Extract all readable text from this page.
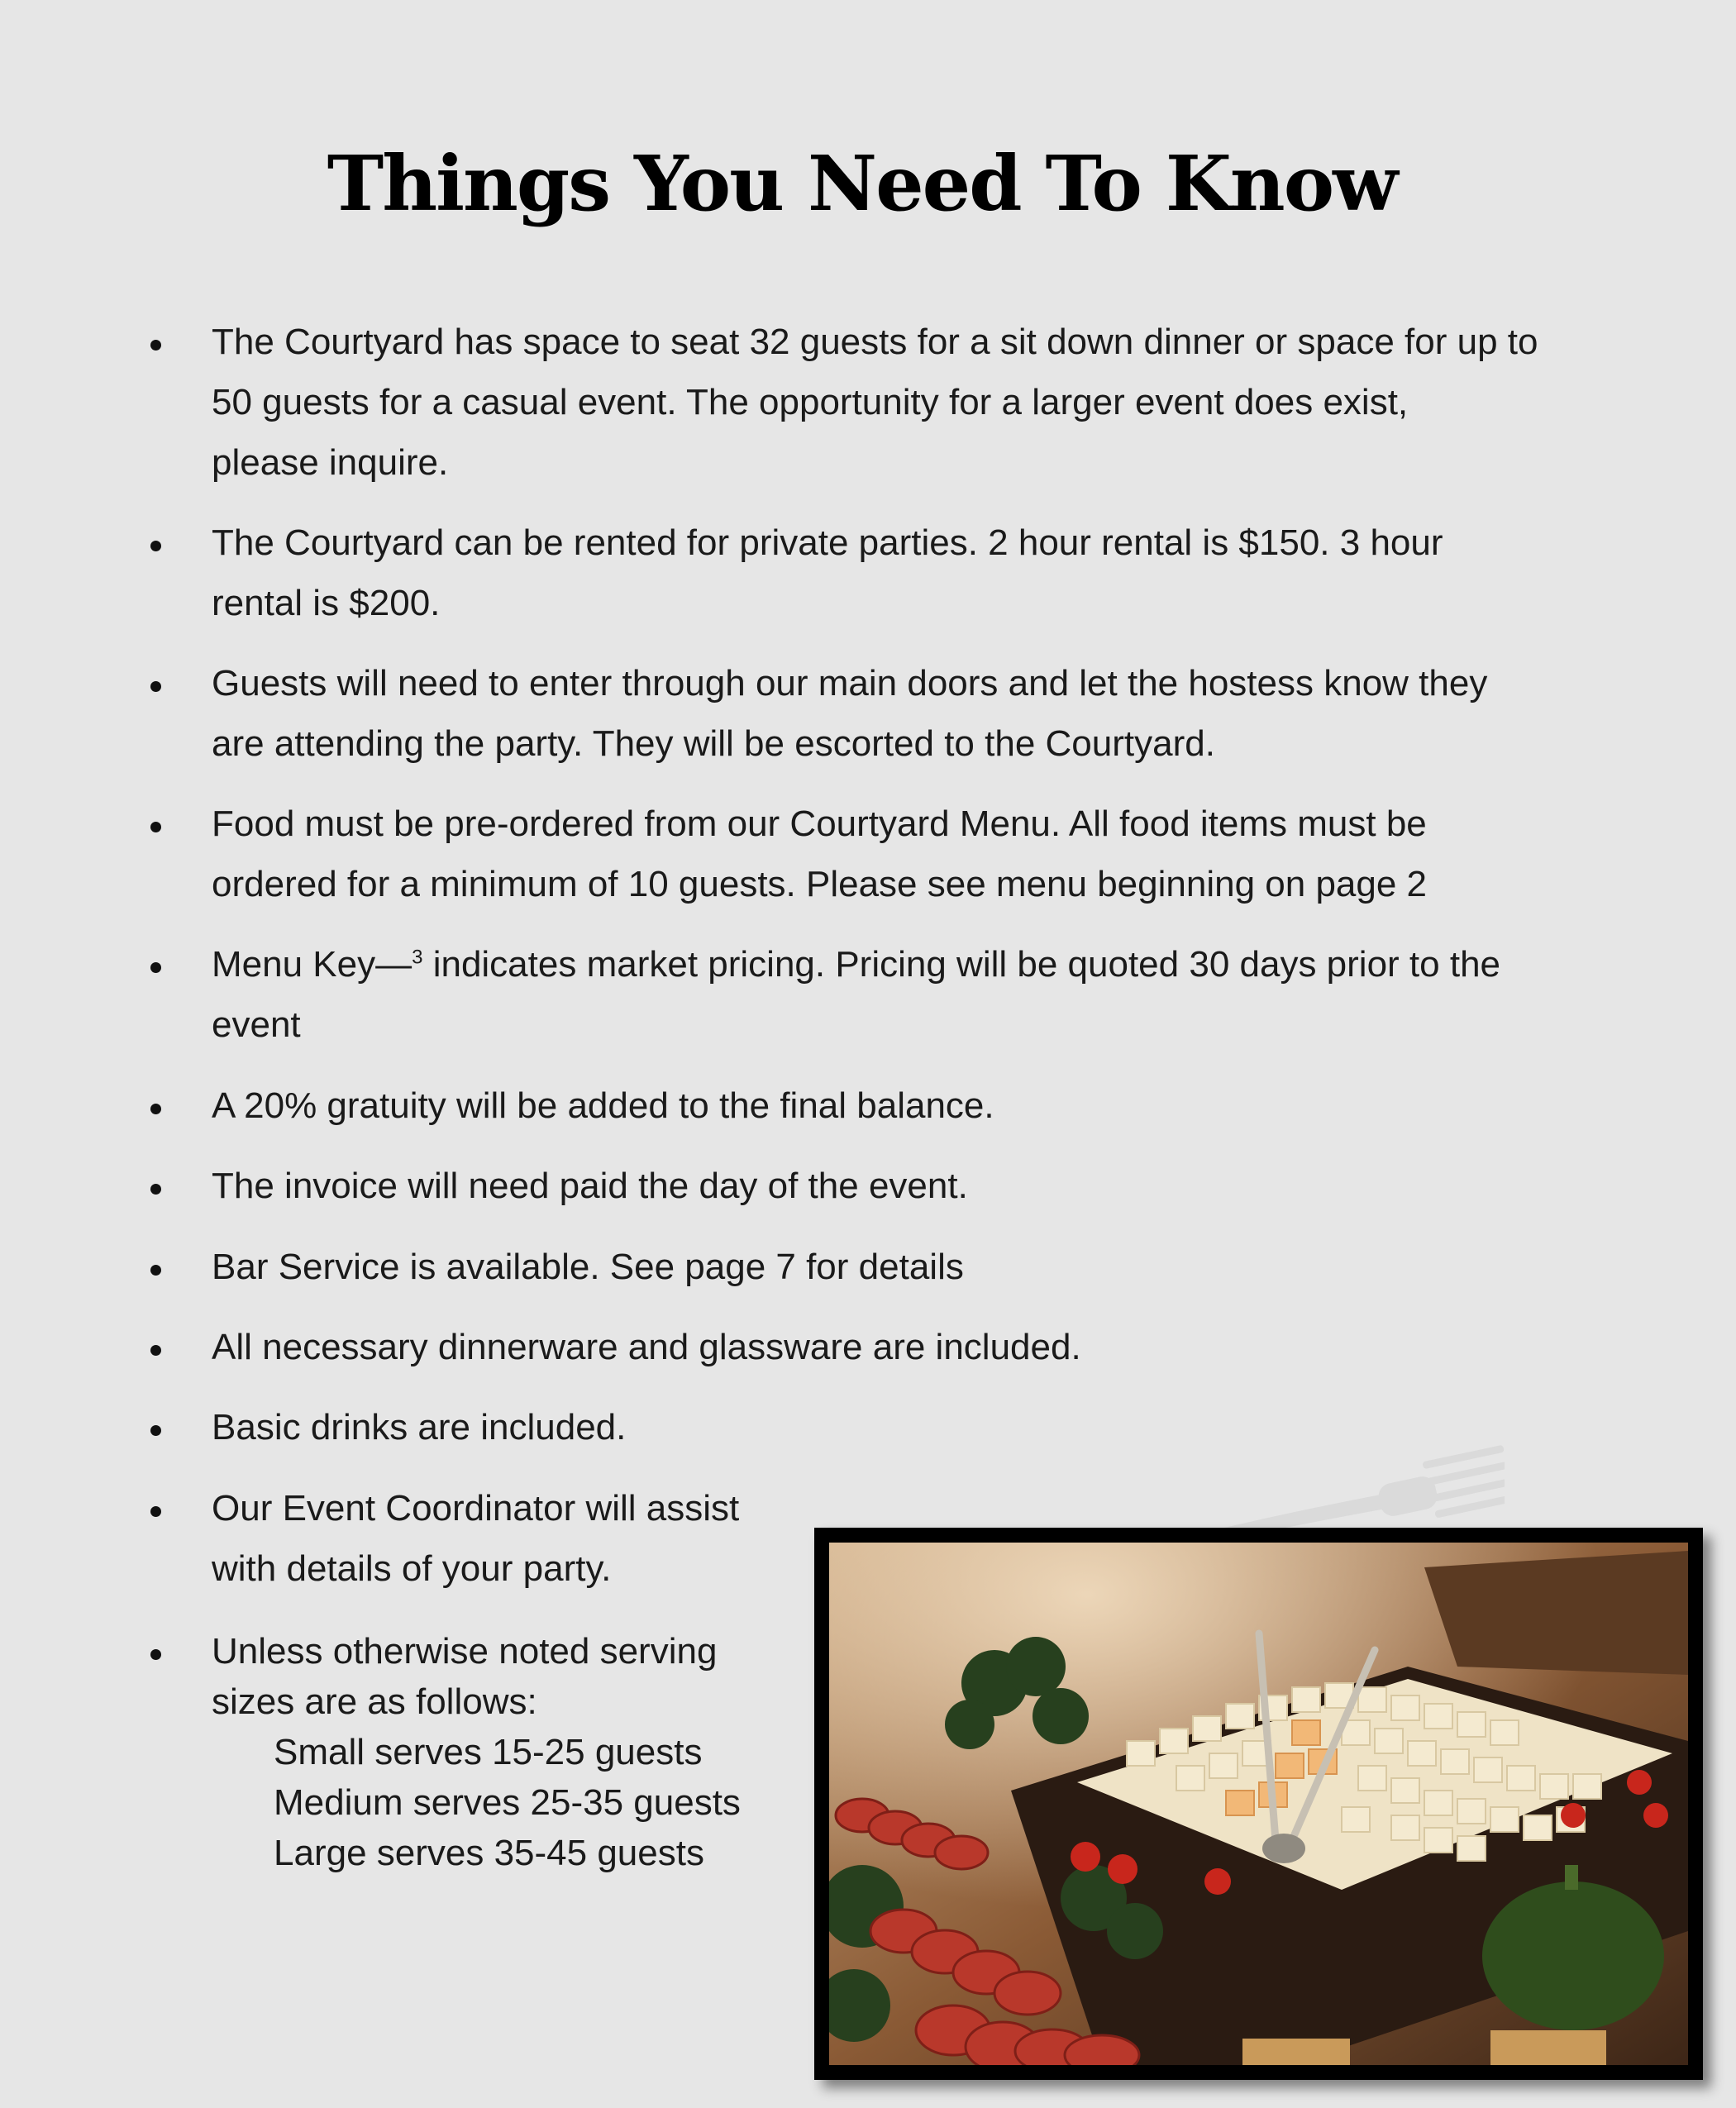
Things You Need To Know
The Courtyard has space to seat 32 guests for a sit down dinner or space for up to
50 guests for a casual event. The opportunity for a larger event does exist,
please inquire.
The Courtyard can be rented for private parties. 2 hour rental is $150. 3 hour
rental is $200.
Guests will need to enter through our main doors and let the hostess know they
are attending the party. They will be escorted to the Courtyard.
Food must be pre-ordered from our Courtyard Menu. All food items must be
ordered for a minimum of 10 guests. Please see menu beginning on page 2
Menu Key—$^3$ indicates market pricing. Pricing will be quoted 30 days prior to the
event
A 20% gratuity will be added to the final balance.
The invoice will need paid the day of the event.
Bar Service is available. See page 7 for details
All necessary dinnerware and glassware are included.
Basic drinks are included.
Our Event Coordinator will assist
with details of your party.
Unless otherwise noted serving
sizes are as follows:
Small serves 15-25 guests
Medium serves 25-35 guests
Large serves 35-45 guests
